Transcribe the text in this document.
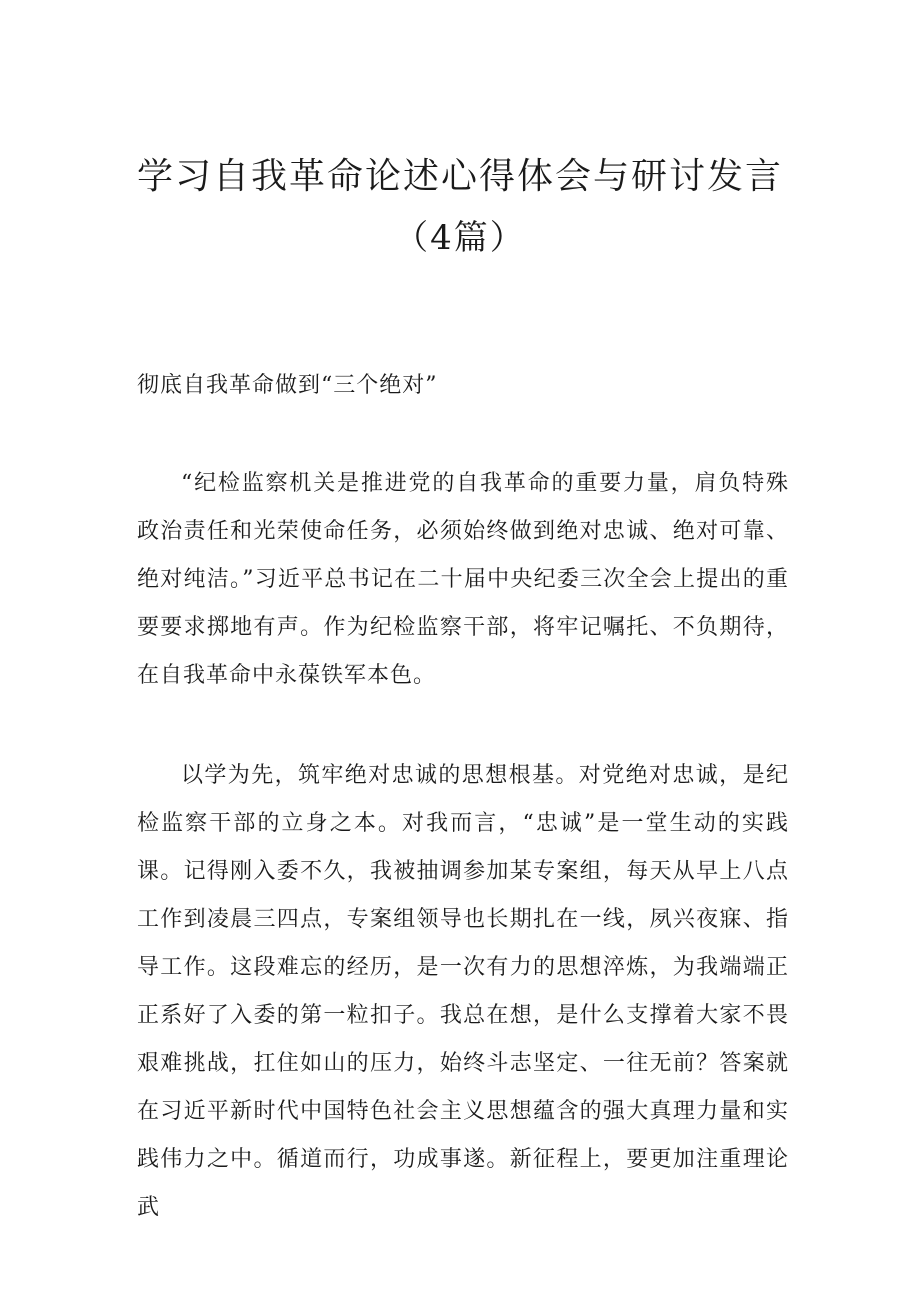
学习自我革命论述心得体会与研讨发言
（4篇）
彻底自我革命做到“三个绝对”

“纪检监察机关是推进党的自我革命的重要力量，肩负特殊政治责任和光荣使命任务，必须始终做到绝对忠诚、绝对可靠、绝对纯洁。”习近平总书记在二十届中央纪委三次全会上提出的重要要求掷地有声。作为纪检监察干部，将牢记嘱托、不负期待，在自我革命中永葆铁军本色。

以学为先，筑牢绝对忠诚的思想根基。对党绝对忠诚，是纪检监察干部的立身之本。对我而言，“忠诚”是一堂生动的实践课。记得刚入委不久，我被抽调参加某专案组，每天从早上八点工作到凌晨三四点，专案组领导也长期扎在一线，夙兴夜寐、指导工作。这段难忘的经历，是一次有力的思想淬炼，为我端端正正系好了入委的第一粒扣子。我总在想，是什么支撑着大家不畏艰难挑战，扛住如山的压力，始终斗志坚定、一往无前？答案就在习近平新时代中国特色社会主义思想蕴含的强大真理力量和实践伟力之中。循道而行，功成事遂。新征程上，要更加注重理论武
